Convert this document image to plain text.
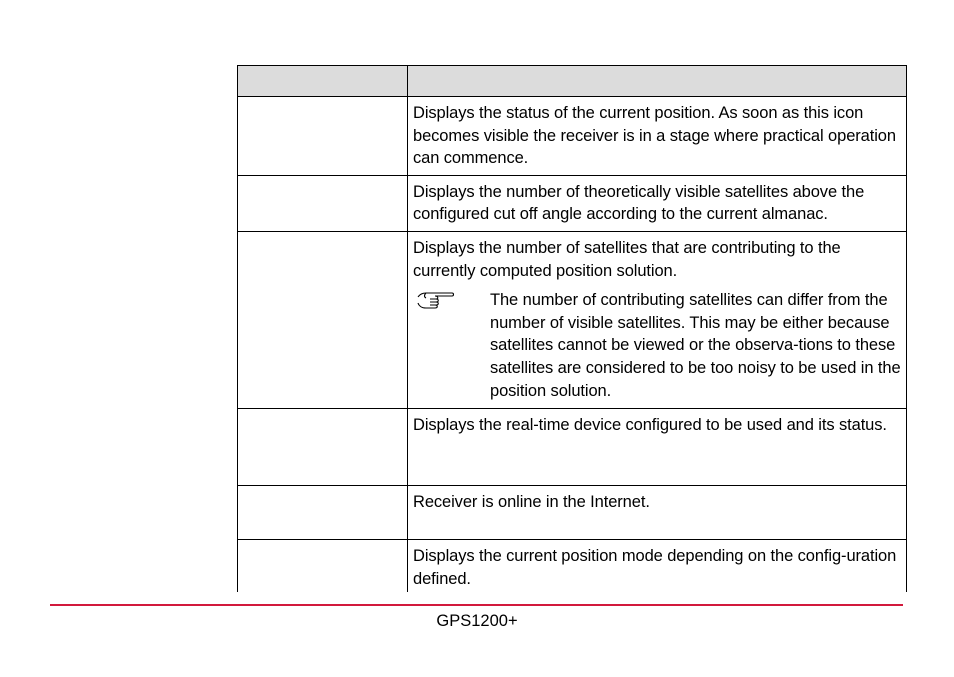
	Displays the status of the current position. As soon as this icon becomes visible the receiver is in a stage where practical operation can commence.

	Displays the number of theoretically visible satellites above the configured cut off angle according to the current almanac.

	Displays the number of satellites that are contributing to the currently computed position solution.

The number of contributing satellites can differ from the number of visible satellites. This may be either because satellites cannot be viewed or the observa-tions to these satellites are considered to be too noisy to be used in the position solution.

	Displays the real-time device configured to be used and its status.

	Receiver is online in the Internet.

	Displays the current position mode depending on the config-uration defined.

GPS1200+
